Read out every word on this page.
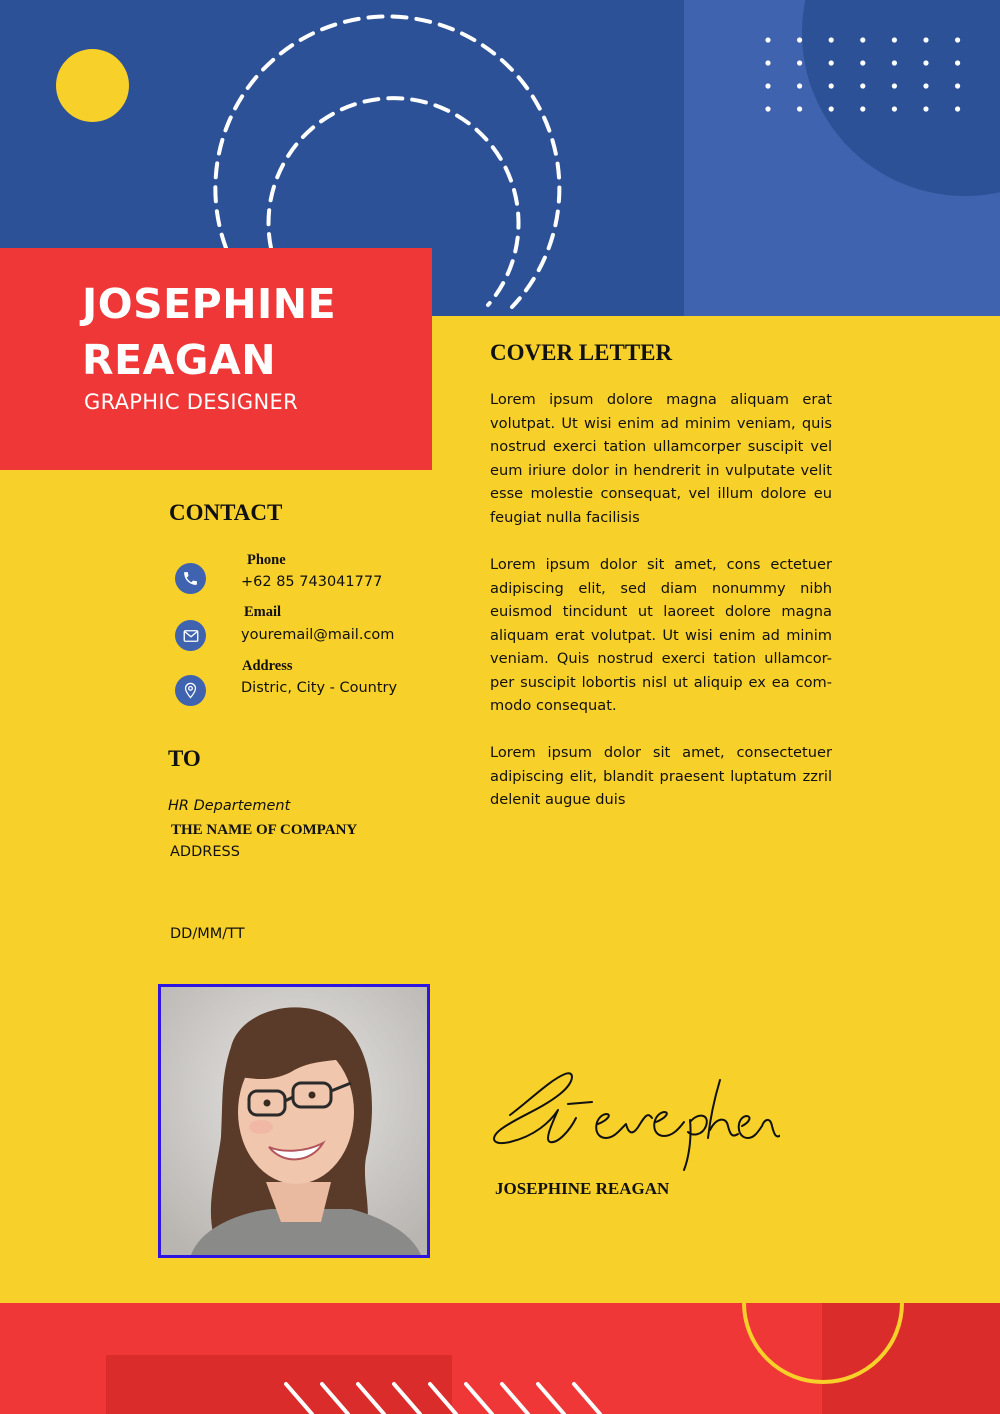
JOSEPHINE
REAGAN
GRAPHIC DESIGNER
COVER LETTER
Lorem ipsum dolore magna aliquam erat volutpat. Ut wisi enim ad minim veniam, quis nostrud exerci tation ullamcorper suscipit vel eum iriure dolor in hendrerit in vulputate velit esse molestie consequat, vel illum dolore eu feugiat nulla facilisis
Lorem ipsum dolor sit amet, cons ectetuer adipiscing elit, sed diam nonummy nibh euismod tincidunt ut laoreet dolore magna aliquam erat volutpat. Ut wisi enim ad minim veniam. Quis nostrud exerci tation ullamcor- per suscipit lobortis nisl ut aliquip ex ea com- modo consequat.
Lorem ipsum dolor sit amet, consectetuer adipiscing elit, blandit praesent luptatum zzril delenit augue duis
CONTACT
Phone
+62 85 743041777
Email
youremail@mail.com
Address
Distric, City - Country
TO
HR Departement
THE NAME OF COMPANY
ADDRESS
DD/MM/TT
Stevephen
JOSEPHINE REAGAN
